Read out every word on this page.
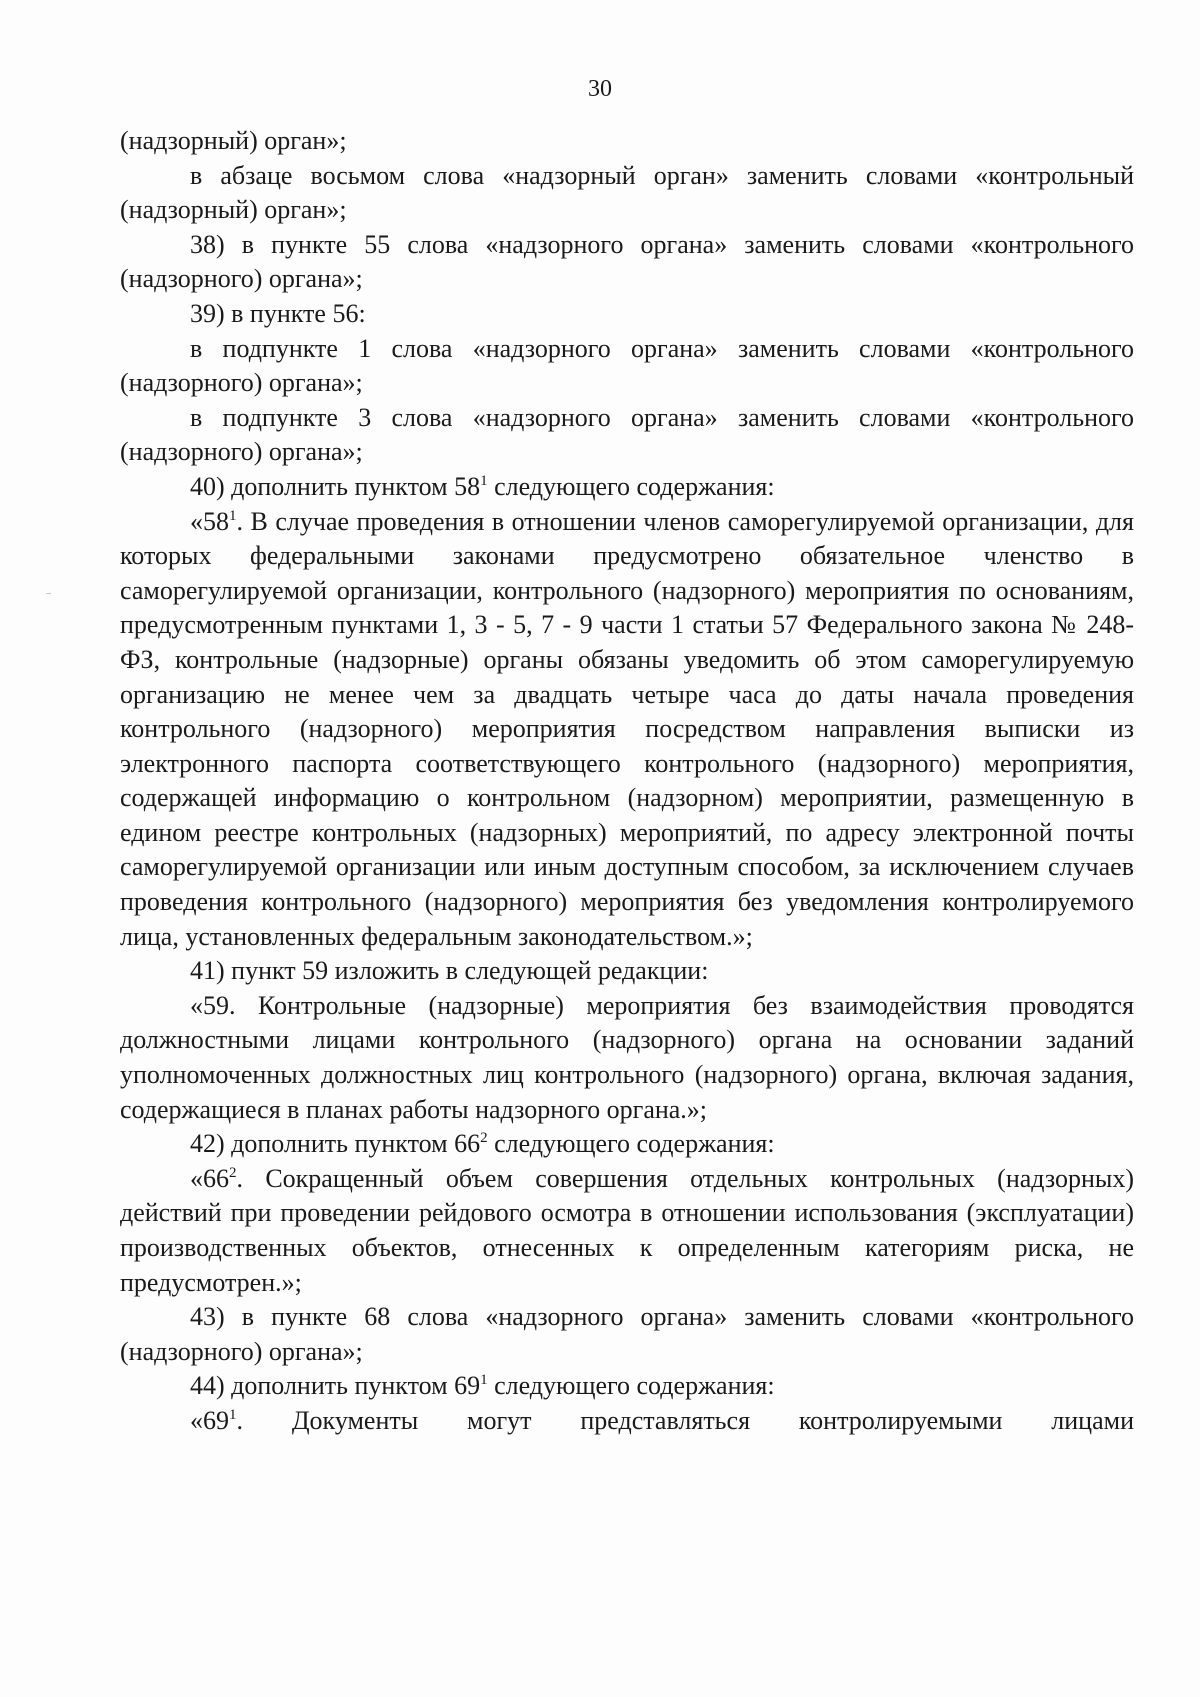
30

(надзорный) орган»;

в абзаце восьмом слова «надзорный орган» заменить словами «контрольный (надзорный) орган»;

38) в пункте 55 слова «надзорного органа» заменить словами «контрольного (надзорного) органа»;

39) в пункте 56:

в подпункте 1 слова «надзорного органа» заменить словами «контрольного (надзорного) органа»;

в подпункте 3 слова «надзорного органа» заменить словами «контрольного (надзорного) органа»;

40) дополнить пунктом $58^1$ следующего содержания:

«$58^1$. В случае проведения в отношении членов саморегулируемой организации, для которых федеральными законами предусмотрено обязательное членство в саморегулируемой организации, контрольного (надзорного) мероприятия по основаниям, предусмотренным пунктами 1, 3 - 5, 7 - 9 части 1 статьи 57 Федерального закона № 248-ФЗ, контрольные (надзорные) органы обязаны уведомить об этом саморегулируемую организацию не менее чем за двадцать четыре часа до даты начала проведения контрольного (надзорного) мероприятия посредством направления выписки из электронного паспорта соответствующего контрольного (надзорного) мероприятия, содержащей информацию о контрольном (надзорном) мероприятии, размещенную в едином реестре контрольных (надзорных) мероприятий, по адресу электронной почты саморегулируемой организации или иным доступным способом, за исключением случаев проведения контрольного (надзорного) мероприятия без уведомления контролируемого лица, установленных федеральным законодательством.»;

41) пункт 59 изложить в следующей редакции:

«59. Контрольные (надзорные) мероприятия без взаимодействия проводятся должностными лицами контрольного (надзорного) органа на основании заданий уполномоченных должностных лиц контрольного (надзорного) органа, включая задания, содержащиеся в планах работы надзорного органа.»;

42) дополнить пунктом $66^2$ следующего содержания:

«$66^2$. Сокращенный объем совершения отдельных контрольных (надзорных) действий при проведении рейдового осмотра в отношении использования (эксплуатации) производственных объектов, отнесенных к определенным категориям риска, не предусмотрен.»;

43) в пункте 68 слова «надзорного органа» заменить словами «контрольного (надзорного) органа»;

44) дополнить пунктом $69^1$ следующего содержания:

«$69^1$. Документы могут представляться контролируемыми лицами
